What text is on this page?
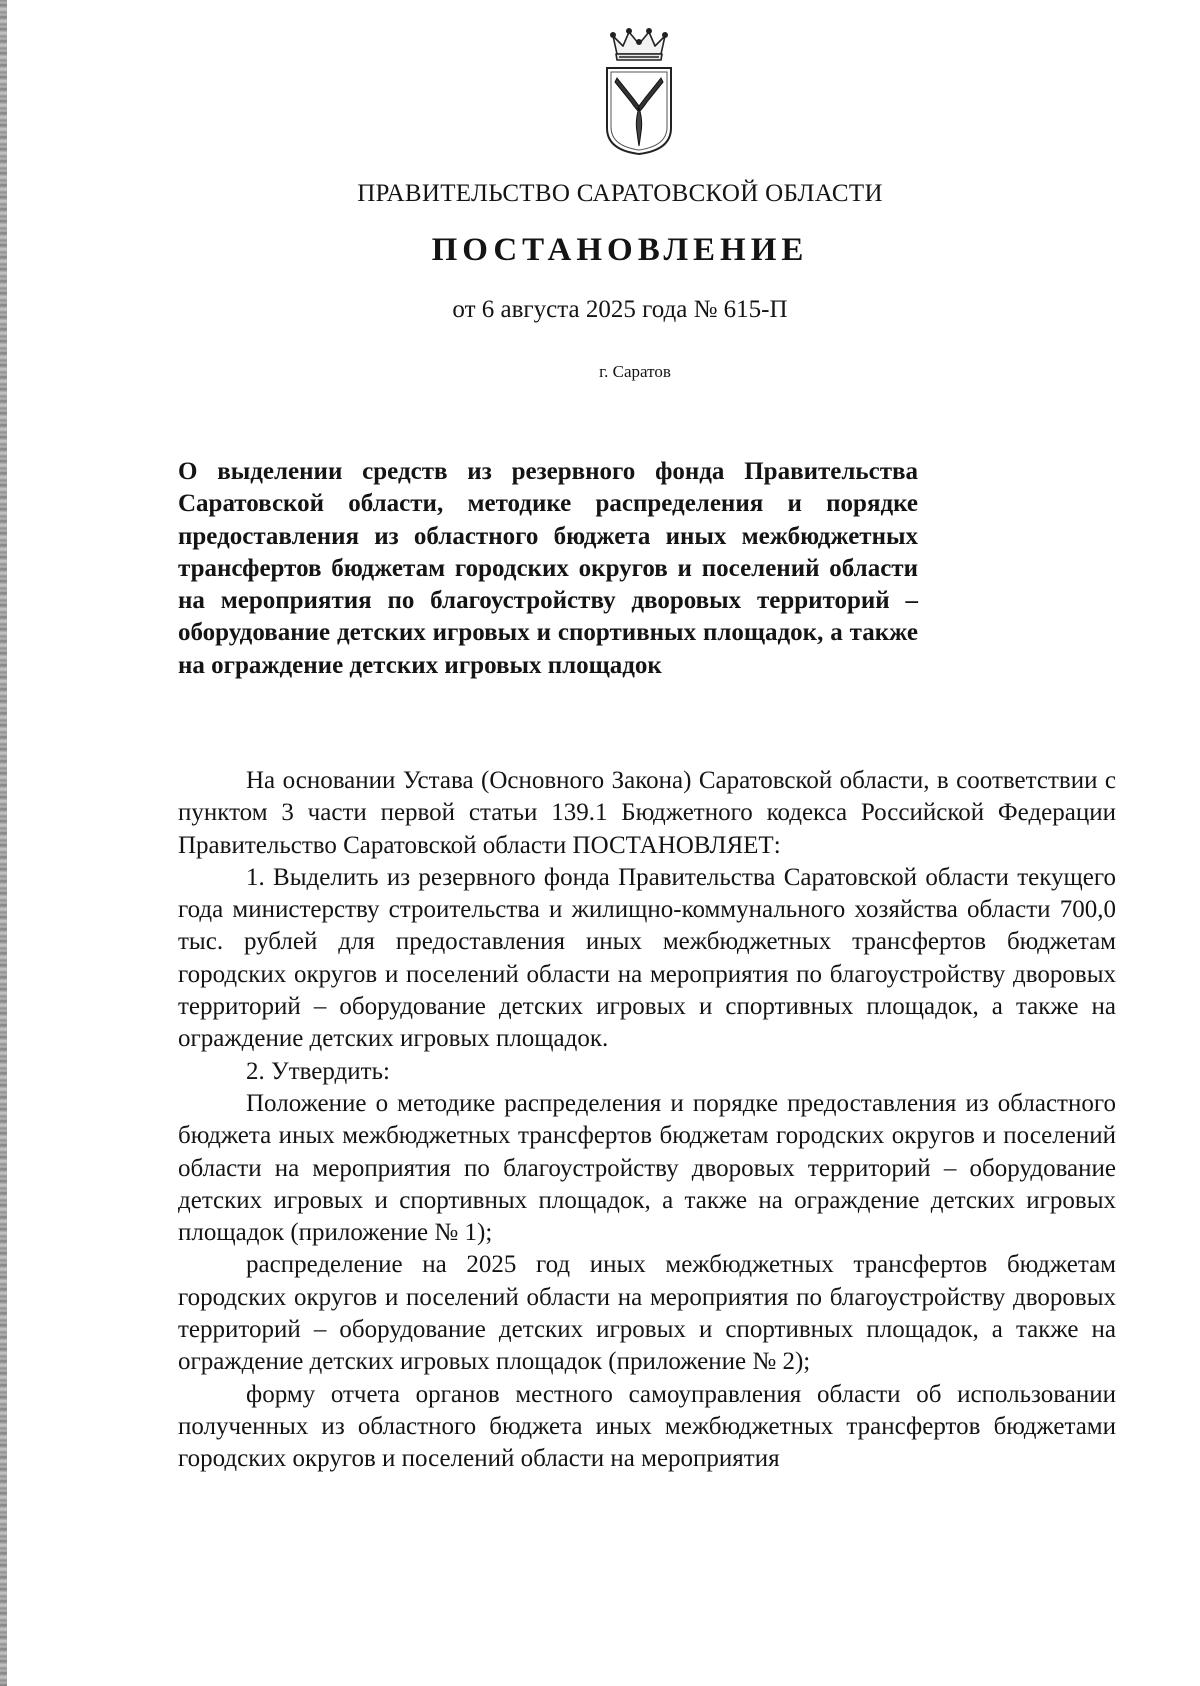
ПРАВИТЕЛЬСТВО САРАТОВСКОЙ ОБЛАСТИ

ПОСТАНОВЛЕНИЕ

от 6 августа 2025 года № 615-П

г. Саратов

О выделении средств из резервного фонда Правительства Саратовской области, методике распределения и порядке предоставления из областного бюджета иных межбюджетных трансфертов бюджетам городских округов и поселений области на мероприятия по благоустройству дворовых территорий – оборудование детских игровых и спортивных площадок, а также на ограждение детских игровых площадок

На основании Устава (Основного Закона) Саратовской области, в соответствии с пунктом 3 части первой статьи 139.1 Бюджетного кодекса Российской Федерации Правительство Саратовской области ПОСТАНОВЛЯЕТ:

1. Выделить из резервного фонда Правительства Саратовской области текущего года министерству строительства и жилищно-коммунального хозяйства области 700,0 тыс. рублей для предоставления иных межбюджетных трансфертов бюджетам городских округов и поселений области на мероприятия по благоустройству дворовых территорий – оборудование детских игровых и спортивных площадок, а также на ограждение детских игровых площадок.

2. Утвердить:

Положение о методике распределения и порядке предоставления из областного бюджета иных межбюджетных трансфертов бюджетам городских округов и поселений области на мероприятия по благоустройству дворовых территорий – оборудование детских игровых и спортивных площадок, а также на ограждение детских игровых площадок (приложение № 1);

распределение на 2025 год иных межбюджетных трансфертов бюджетам городских округов и поселений области на мероприятия по благоустройству дворовых территорий – оборудование детских игровых и спортивных площадок, а также на ограждение детских игровых площадок (приложение № 2);

форму отчета органов местного самоуправления области об использовании полученных из областного бюджета иных межбюджетных трансфертов бюджетами городских округов и поселений области на мероприятия
